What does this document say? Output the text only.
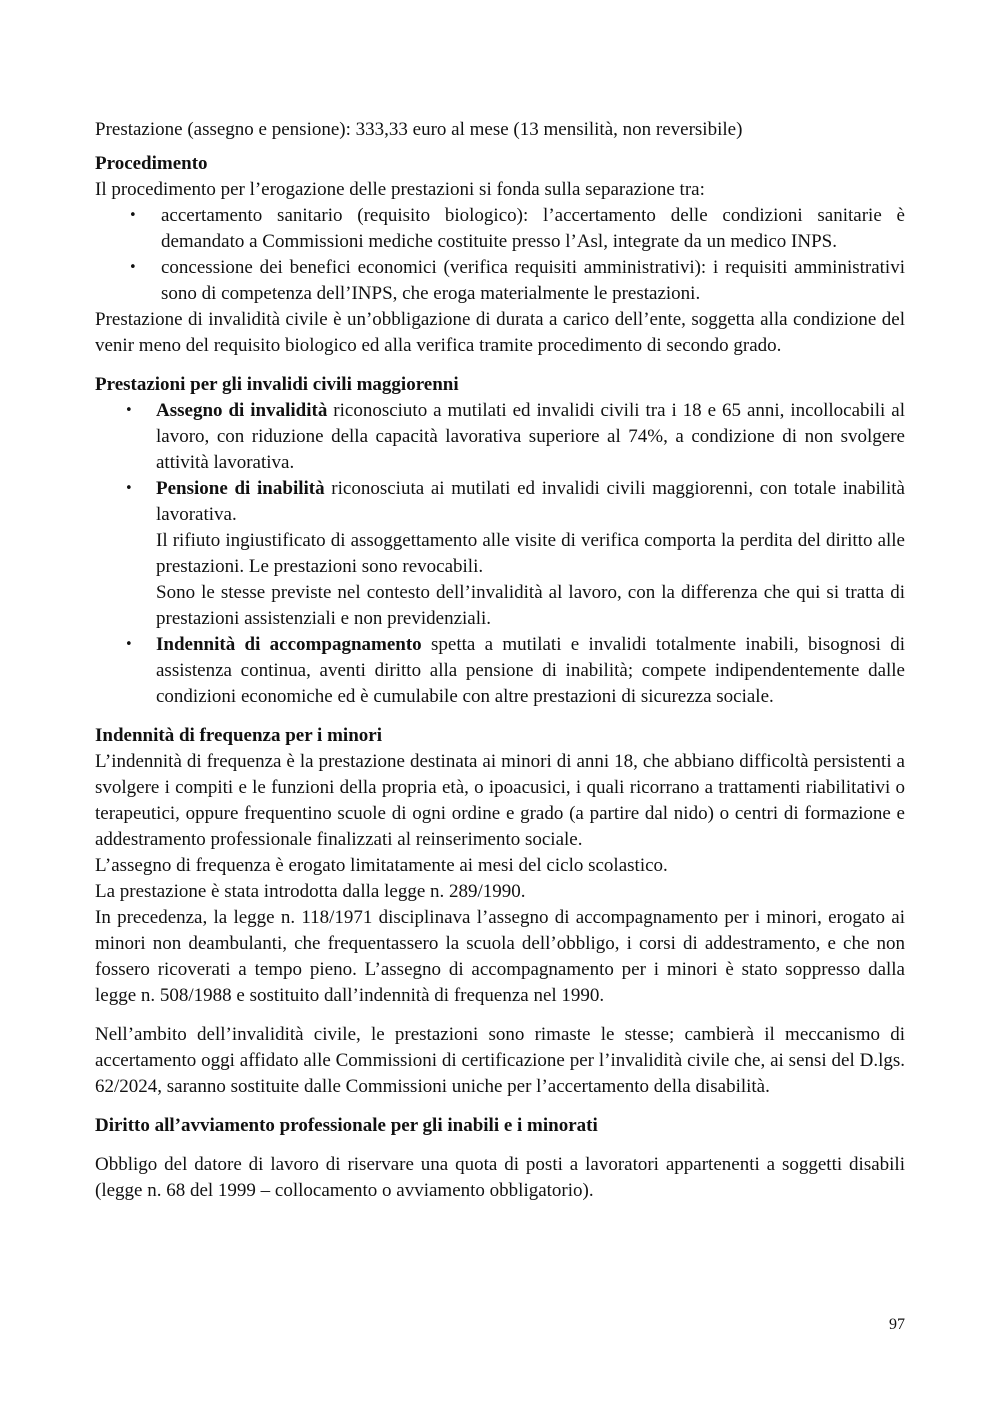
Prestazione (assegno e pensione): 333,33 euro al mese (13 mensilità, non reversibile)

Procedimento

Il procedimento per l’erogazione delle prestazioni si fonda sulla separazione tra:

• accertamento sanitario (requisito biologico): l’accertamento delle condizioni sanitarie è demandato a Commissioni mediche costituite presso l’Asl, integrate da un medico INPS.
• concessione dei benefici economici (verifica requisiti amministrativi): i requisiti amministrativi sono di competenza dell’INPS, che eroga materialmente le prestazioni.

Prestazione di invalidità civile è un’obbligazione di durata a carico dell’ente, soggetta alla condizione del venir meno del requisito biologico ed alla verifica tramite procedimento di secondo grado.

Prestazioni per gli invalidi civili maggiorenni
• Assegno di invalidità riconosciuto a mutilati ed invalidi civili tra i 18 e 65 anni, incollocabili al lavoro, con riduzione della capacità lavorativa superiore al 74%, a condizione di non svolgere attività lavorativa.
• Pensione di inabilità riconosciuta ai mutilati ed invalidi civili maggiorenni, con totale inabilità lavorativa.
Il rifiuto ingiustificato di assoggettamento alle visite di verifica comporta la perdita del diritto alle prestazioni. Le prestazioni sono revocabili.
Sono le stesse previste nel contesto dell’invalidità al lavoro, con la differenza che qui si tratta di prestazioni assistenziali e non previdenziali.
• Indennità di accompagnamento spetta a mutilati e invalidi totalmente inabili, bisognosi di assistenza continua, aventi diritto alla pensione di inabilità; compete indipendentemente dalle condizioni economiche ed è cumulabile con altre prestazioni di sicurezza sociale.
Indennità di frequenza per i minori

L’indennità di frequenza è la prestazione destinata ai minori di anni 18, che abbiano difficoltà persistenti a svolgere i compiti e le funzioni della propria età, o ipoacusici, i quali ricorrano a trattamenti riabilitativi o terapeutici, oppure frequentino scuole di ogni ordine e grado (a partire dal nido) o centri di formazione e addestramento professionale finalizzati al reinserimento sociale.

L’assegno di frequenza è erogato limitatamente ai mesi del ciclo scolastico.

La prestazione è stata introdotta dalla legge n. 289/1990.

In precedenza, la legge n. 118/1971 disciplinava l’assegno di accompagnamento per i minori, erogato ai minori non deambulanti, che frequentassero la scuola dell’obbligo, i corsi di addestramento, e che non fossero ricoverati a tempo pieno. L’assegno di accompagnamento per i minori è stato soppresso dalla legge n. 508/1988 e sostituito dall’indennità di frequenza nel 1990.

Nell’ambito dell’invalidità civile, le prestazioni sono rimaste le stesse; cambierà il meccanismo di accertamento oggi affidato alle Commissioni di certificazione per l’invalidità civile che, ai sensi del D.lgs. 62/2024, saranno sostituite dalle Commissioni uniche per l’accertamento della disabilità.

Diritto all’avviamento professionale per gli inabili e i minorati

Obbligo del datore di lavoro di riservare una quota di posti a lavoratori appartenenti a soggetti disabili (legge n. 68 del 1999 – collocamento o avviamento obbligatorio).

97
